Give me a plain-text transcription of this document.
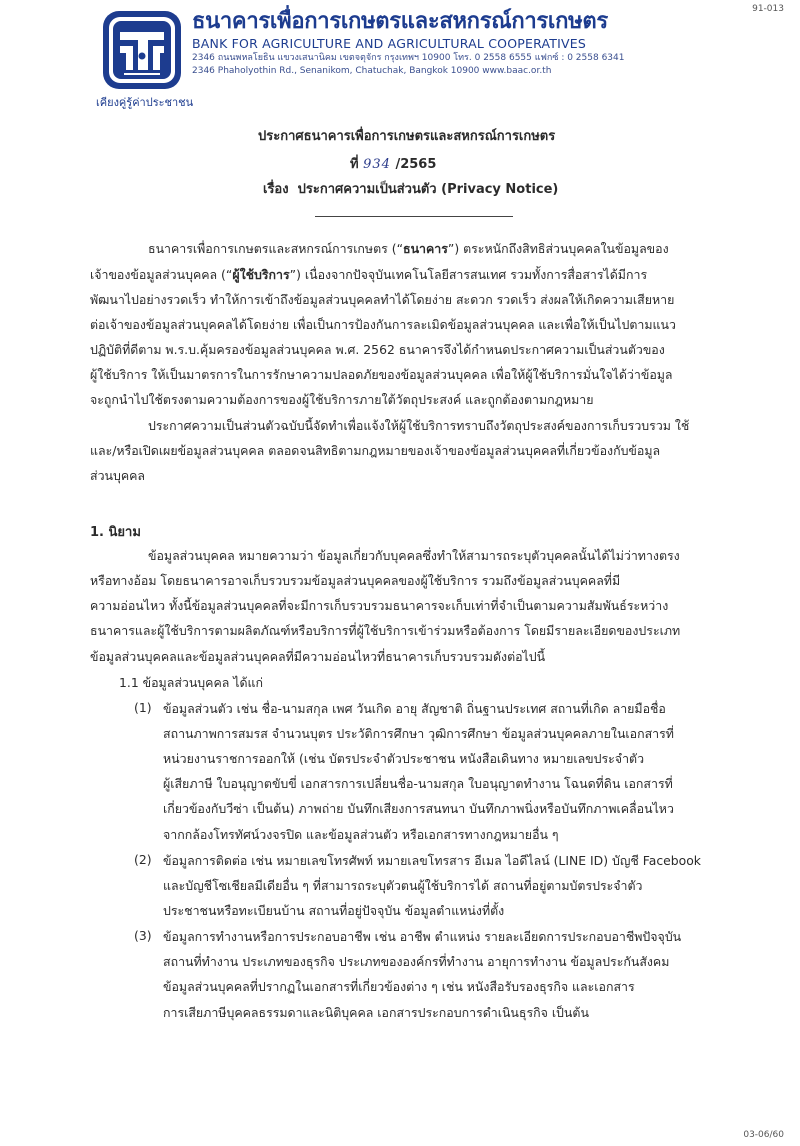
91-013
เคียงคู่รู้ค่าประชาชน
ธนาคารเพื่อการเกษตรและสหกรณ์การเกษตร
BANK FOR AGRICULTURE AND AGRICULTURAL COOPERATIVES
2346 ถนนพหลโยธิน แขวงเสนานิคม เขตจตุจักร กรุงเทพฯ 10900 โทร. 0 2558 6555 แฟกซ์ : 0 2558 6341
2346 Phaholyothin Rd., Senanikom, Chatuchak, Bangkok 10900 www.baac.or.th
ประกาศธนาคารเพื่อการเกษตรและสหกรณ์การเกษตร
ที่ 934 /2565
เรื่อง ประกาศความเป็นส่วนตัว (Privacy Notice)
ธนาคารเพื่อการเกษตรและสหกรณ์การเกษตร (“ธนาคาร”) ตระหนักถึงสิทธิส่วนบุคคลในข้อมูลของ
เจ้าของข้อมูลส่วนบุคคล (“ผู้ใช้บริการ”) เนื่องจากปัจจุบันเทคโนโลยีสารสนเทศ รวมทั้งการสื่อสารได้มีการ
พัฒนาไปอย่างรวดเร็ว ทำให้การเข้าถึงข้อมูลส่วนบุคคลทำได้โดยง่าย สะดวก รวดเร็ว ส่งผลให้เกิดความเสียหาย
ต่อเจ้าของข้อมูลส่วนบุคคลได้โดยง่าย เพื่อเป็นการป้องกันการละเมิดข้อมูลส่วนบุคคล และเพื่อให้เป็นไปตามแนว
ปฏิบัติที่ดีตาม พ.ร.บ.คุ้มครองข้อมูลส่วนบุคคล พ.ศ. 2562 ธนาคารจึงได้กำหนดประกาศความเป็นส่วนตัวของ
ผู้ใช้บริการ ให้เป็นมาตรการในการรักษาความปลอดภัยของข้อมูลส่วนบุคคล เพื่อให้ผู้ใช้บริการมั่นใจได้ว่าข้อมูล
จะถูกนำไปใช้ตรงตามความต้องการของผู้ใช้บริการภายใต้วัตถุประสงค์ และถูกต้องตามกฎหมาย
ประกาศความเป็นส่วนตัวฉบับนี้จัดทำเพื่อแจ้งให้ผู้ใช้บริการทราบถึงวัตถุประสงค์ของการเก็บรวบรวม ใช้
และ/หรือเปิดเผยข้อมูลส่วนบุคคล ตลอดจนสิทธิตามกฎหมายของเจ้าของข้อมูลส่วนบุคคลที่เกี่ยวข้องกับข้อมูล
ส่วนบุคคล
1. นิยาม
ข้อมูลส่วนบุคคล หมายความว่า ข้อมูลเกี่ยวกับบุคคลซึ่งทำให้สามารถระบุตัวบุคคลนั้นได้ไม่ว่าทางตรง
หรือทางอ้อม โดยธนาคารอาจเก็บรวบรวมข้อมูลส่วนบุคคลของผู้ใช้บริการ รวมถึงข้อมูลส่วนบุคคลที่มี
ความอ่อนไหว ทั้งนี้ข้อมูลส่วนบุคคลที่จะมีการเก็บรวบรวมธนาคารจะเก็บเท่าที่จำเป็นตามความสัมพันธ์ระหว่าง
ธนาคารและผู้ใช้บริการตามผลิตภัณฑ์หรือบริการที่ผู้ใช้บริการเข้าร่วมหรือต้องการ โดยมีรายละเอียดของประเภท
ข้อมูลส่วนบุคคลและข้อมูลส่วนบุคคลที่มีความอ่อนไหวที่ธนาคารเก็บรวบรวมดังต่อไปนี้
1.1 ข้อมูลส่วนบุคคล ได้แก่
(1) ข้อมูลส่วนตัว เช่น ชื่อ-นามสกุล เพศ วันเกิด อายุ สัญชาติ ถิ่นฐานประเทศ สถานที่เกิด ลายมือชื่อ
สถานภาพการสมรส จำนวนบุตร ประวัติการศึกษา วุฒิการศึกษา ข้อมูลส่วนบุคคลภายในเอกสารที่
หน่วยงานราชการออกให้ (เช่น บัตรประจำตัวประชาชน หนังสือเดินทาง หมายเลขประจำตัว
ผู้เสียภาษี ใบอนุญาตขับขี่ เอกสารการเปลี่ยนชื่อ-นามสกุล ใบอนุญาตทำงาน โฉนดที่ดิน เอกสารที่
เกี่ยวข้องกับวีซ่า เป็นต้น) ภาพถ่าย บันทึกเสียงการสนทนา บันทึกภาพนิ่งหรือบันทึกภาพเคลื่อนไหว
จากกล้องโทรทัศน์วงจรปิด และข้อมูลส่วนตัว หรือเอกสารทางกฎหมายอื่น ๆ
(2) ข้อมูลการติดต่อ เช่น หมายเลขโทรศัพท์ หมายเลขโทรสาร อีเมล ไอดีไลน์ (LINE ID) บัญชี Facebook
และบัญชีโซเชียลมีเดียอื่น ๆ ที่สามารถระบุตัวตนผู้ใช้บริการได้ สถานที่อยู่ตามบัตรประจำตัว
ประชาชนหรือทะเบียนบ้าน สถานที่อยู่ปัจจุบัน ข้อมูลตำแหน่งที่ตั้ง
(3) ข้อมูลการทำงานหรือการประกอบอาชีพ เช่น อาชีพ ตำแหน่ง รายละเอียดการประกอบอาชีพปัจจุบัน
สถานที่ทำงาน ประเภทของธุรกิจ ประเภทขององค์กรที่ทำงาน อายุการทำงาน ข้อมูลประกันสังคม
ข้อมูลส่วนบุคคลที่ปรากฏในเอกสารที่เกี่ยวข้องต่าง ๆ เช่น หนังสือรับรองธุรกิจ และเอกสาร
การเสียภาษีบุคคลธรรมดาและนิติบุคคล เอกสารประกอบการดำเนินธุรกิจ เป็นต้น
03-06/60
